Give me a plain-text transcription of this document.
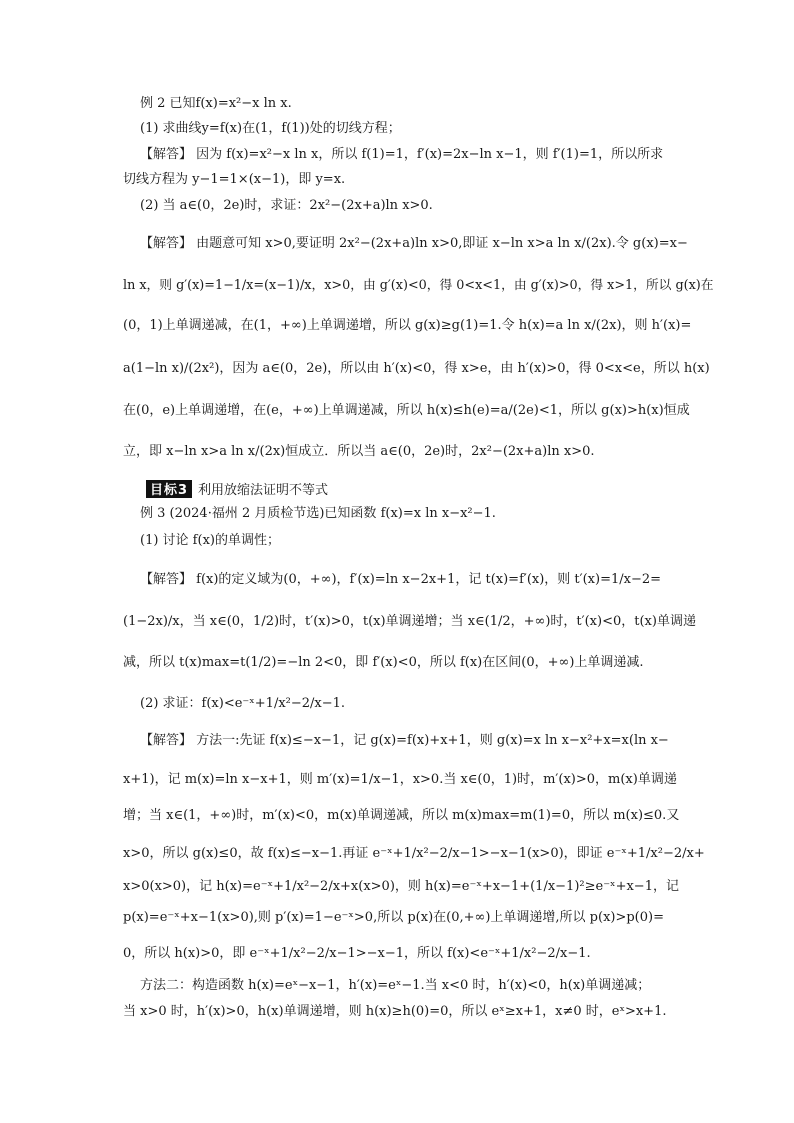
例 2 已知f(x)=x²−x ln x.
(1) 求曲线y=f(x)在(1，f(1))处的切线方程；
【解答】 因为 f(x)=x²−x ln x，所以 f(1)=1，f′(x)=2x−ln x−1，则 f′(1)=1，所以所求
切线方程为 y−1=1×(x−1)，即 y=x.
(2) 当 a∈(0，2e)时，求证：2x²−(2x+a)ln x>0.
【解答】 由题意可知 x>0,要证明 2x²−(2x+a)ln x>0,即证 x−ln x>a ln x/(2x).令 g(x)=x−
ln x，则 g′(x)=1−1/x=(x−1)/x，x>0，由 g′(x)<0，得 0<x<1，由 g′(x)>0，得 x>1，所以 g(x)在
(0，1)上单调递减，在(1，+∞)上单调递增，所以 g(x)≥g(1)=1.令 h(x)=a ln x/(2x)，则 h′(x)=
a(1−ln x)/(2x²)，因为 a∈(0，2e)，所以由 h′(x)<0，得 x>e，由 h′(x)>0，得 0<x<e，所以 h(x)
在(0，e)上单调递增，在(e，+∞)上单调递减，所以 h(x)≤h(e)=a/(2e)<1，所以 g(x)>h(x)恒成
立，即 x−ln x>a ln x/(2x)恒成立．所以当 a∈(0，2e)时，2x²−(2x+a)ln x>0.
目标3 利用放缩法证明不等式
例 3 (2024·福州 2 月质检节选)已知函数 f(x)=x ln x−x²−1.
(1) 讨论 f(x)的单调性；
【解答】 f(x)的定义域为(0，+∞)，f′(x)=ln x−2x+1，记 t(x)=f′(x)，则 t′(x)=1/x−2=
(1−2x)/x，当 x∈(0，1/2)时，t′(x)>0，t(x)单调递增；当 x∈(1/2，+∞)时，t′(x)<0，t(x)单调递
减，所以 t(x)max=t(1/2)=−ln 2<0，即 f′(x)<0，所以 f(x)在区间(0，+∞)上单调递减.
(2) 求证：f(x)<e⁻ˣ+1/x²−2/x−1.
【解答】 方法一:先证 f(x)≤−x−1，记 g(x)=f(x)+x+1，则 g(x)=x ln x−x²+x=x(ln x−
x+1)，记 m(x)=ln x−x+1，则 m′(x)=1/x−1，x>0.当 x∈(0，1)时，m′(x)>0，m(x)单调递
增；当 x∈(1，+∞)时，m′(x)<0，m(x)单调递减，所以 m(x)max=m(1)=0，所以 m(x)≤0.又
x>0，所以 g(x)≤0，故 f(x)≤−x−1.再证 e⁻ˣ+1/x²−2/x−1>−x−1(x>0)，即证 e⁻ˣ+1/x²−2/x+
x>0(x>0)，记 h(x)=e⁻ˣ+1/x²−2/x+x(x>0)，则 h(x)=e⁻ˣ+x−1+(1/x−1)²≥e⁻ˣ+x−1，记
p(x)=e⁻ˣ+x−1(x>0),则 p′(x)=1−e⁻ˣ>0,所以 p(x)在(0,+∞)上单调递增,所以 p(x)>p(0)=
0，所以 h(x)>0，即 e⁻ˣ+1/x²−2/x−1>−x−1，所以 f(x)<e⁻ˣ+1/x²−2/x−1.
方法二：构造函数 h(x)=eˣ−x−1，h′(x)=eˣ−1.当 x<0 时，h′(x)<0，h(x)单调递减；
当 x>0 时，h′(x)>0，h(x)单调递增，则 h(x)≥h(0)=0，所以 eˣ≥x+1，x≠0 时，eˣ>x+1.
